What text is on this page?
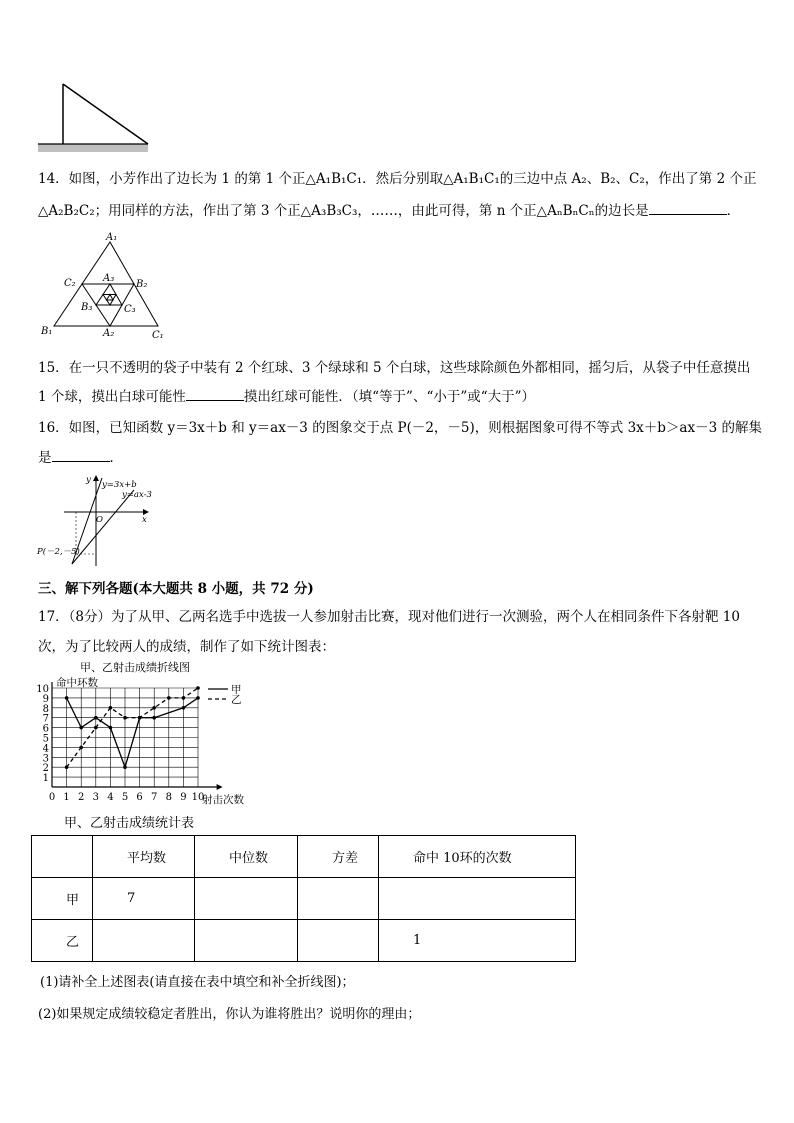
14．如图，小芳作出了边长为 1 的第 1 个正△A₁B₁C₁．然后分别取△A₁B₁C₁的三边中点 A₂、B₂、C₂，作出了第 2 个正
△A₂B₂C₂；用同样的方法，作出了第 3 个正△A₃B₃C₃，……，由此可得，第 n 个正△AₙBₙCₙ的边长是	．
A₁
B₁	C₁
A₂
B₂
C₂	A₃
B₃	C₃
15．在一只不透明的袋子中装有 2 个红球、3 个绿球和 5 个白球，这些球除颜色外都相同，摇匀后，从袋子中任意摸出
1 个球，摸出白球可能性	摸出红球可能性．（填“等于”、“小于”或“大于”）
16．如图，已知函数 y＝3x＋b 和 y＝ax－3 的图象交于点 P(－2，－5)，则根据图象可得不等式 3x＋b＞ax－3 的解集
是	．
y
x
O
y=3x+b
y=ax-3
P(－2,－5)
三、解下列各题(本大题共 8 小题，共 72 分)
17．（8分）为了从甲、乙两名选手中选拔一人参加射击比赛，现对他们进行一次测验，两个人在相同条件下各射靶 10
次，为了比较两人的成绩，制作了如下统计图表：
甲、乙射击成绩折线图
1
2
3
4
5
6
7
8
9
10
0 1 2 3 4 5 6 7 8 9 10
命中环数
射击次数
甲
乙
甲、乙射击成绩统计表
	平均数	中位数	方差	命中 10环的次数
甲	7			
乙				1
(1)请补全上述图表(请直接在表中填空和补全折线图)；
(2)如果规定成绩较稳定者胜出，你认为谁将胜出？说明你的理由；
